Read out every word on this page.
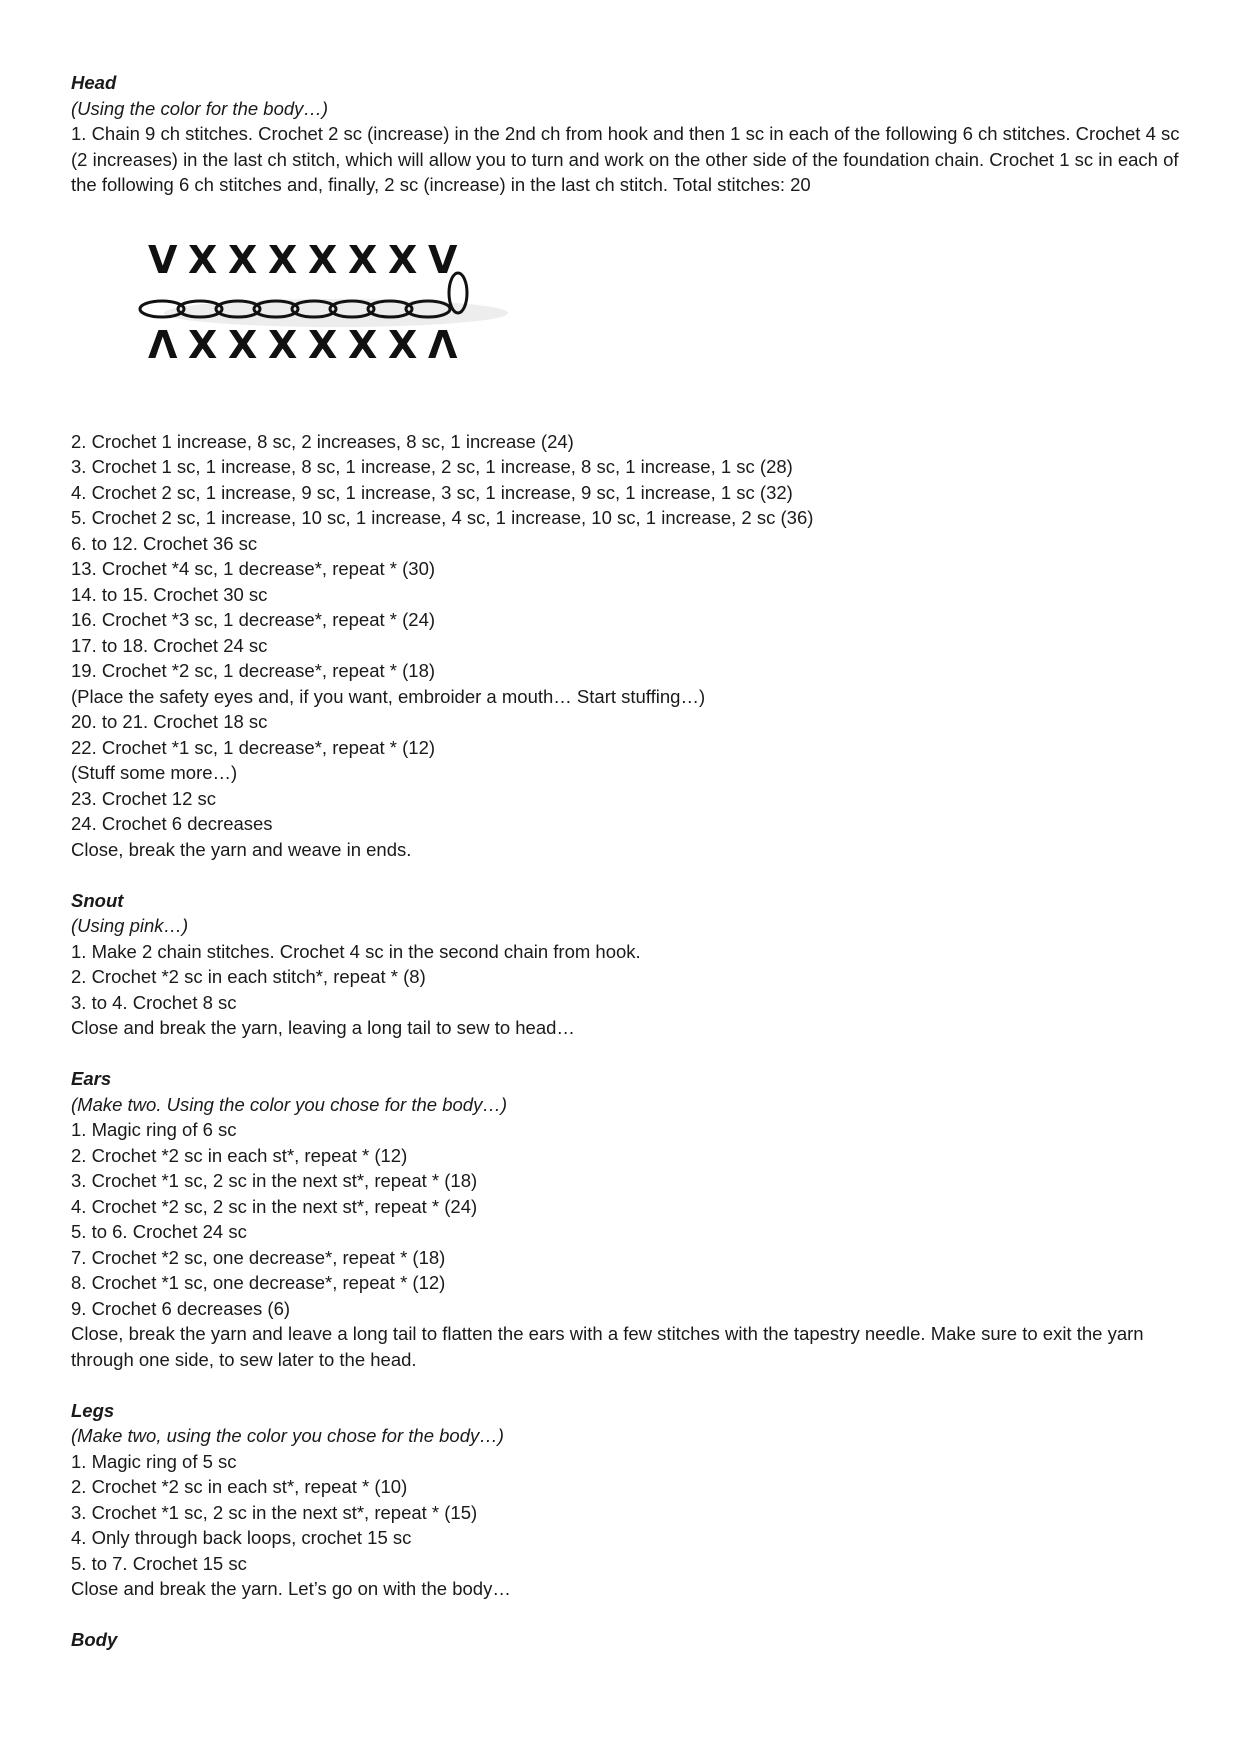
Head
(Using the color for the body…)
1. Chain 9 ch stitches. Crochet 2 sc (increase) in the 2nd ch from hook and then 1 sc in each of the following 6 ch stitches. Crochet 4 sc (2 increases) in the last ch stitch, which will allow you to turn and work on the other side of the foundation chain. Crochet 1 sc in each of the following 6 ch stitches and, finally, 2 sc (increase) in the last ch stitch. Total stitches: 20
V X X X X X X V
Λ X X X X X X Λ
2. Crochet 1 increase, 8 sc, 2 increases, 8 sc, 1 increase (24)
3. Crochet 1 sc, 1 increase, 8 sc, 1 increase, 2 sc, 1 increase, 8 sc, 1 increase, 1 sc (28)
4. Crochet 2 sc, 1 increase, 9 sc, 1 increase, 3 sc, 1 increase, 9 sc, 1 increase, 1 sc (32)
5. Crochet 2 sc, 1 increase, 10 sc, 1 increase, 4 sc, 1 increase, 10 sc, 1 increase, 2 sc (36)
6. to 12. Crochet 36 sc
13. Crochet *4 sc, 1 decrease*, repeat * (30)
14. to 15. Crochet 30 sc
16. Crochet *3 sc, 1 decrease*, repeat * (24)
17. to 18. Crochet 24 sc
19. Crochet *2 sc, 1 decrease*, repeat * (18)
(Place the safety eyes and, if you want, embroider a mouth… Start stuffing…)
20. to 21. Crochet 18 sc
22. Crochet *1 sc, 1 decrease*, repeat * (12)
(Stuff some more…)
23. Crochet 12 sc
24. Crochet 6 decreases
Close, break the yarn and weave in ends.
Snout
(Using pink…)
1. Make 2 chain stitches. Crochet 4 sc in the second chain from hook.
2. Crochet *2 sc in each stitch*, repeat * (8)
3. to 4. Crochet 8 sc
Close and break the yarn, leaving a long tail to sew to head…
Ears
(Make two. Using the color you chose for the body…)
1. Magic ring of 6 sc
2. Crochet *2 sc in each st*, repeat * (12)
3. Crochet *1 sc, 2 sc in the next st*, repeat * (18)
4. Crochet *2 sc, 2 sc in the next st*, repeat * (24)
5. to 6. Crochet 24 sc
7. Crochet *2 sc, one decrease*, repeat * (18)
8. Crochet *1 sc, one decrease*, repeat * (12)
9. Crochet 6 decreases (6)
Close, break the yarn and leave a long tail to flatten the ears with a few stitches with the tapestry needle. Make sure to exit the yarn through one side, to sew later to the head.
Legs
(Make two, using the color you chose for the body…)
1. Magic ring of 5 sc
2. Crochet *2 sc in each st*, repeat * (10)
3. Crochet *1 sc, 2 sc in the next st*, repeat * (15)
4. Only through back loops, crochet 15 sc
5. to 7. Crochet 15 sc
Close and break the yarn. Let’s go on with the body…
Body
